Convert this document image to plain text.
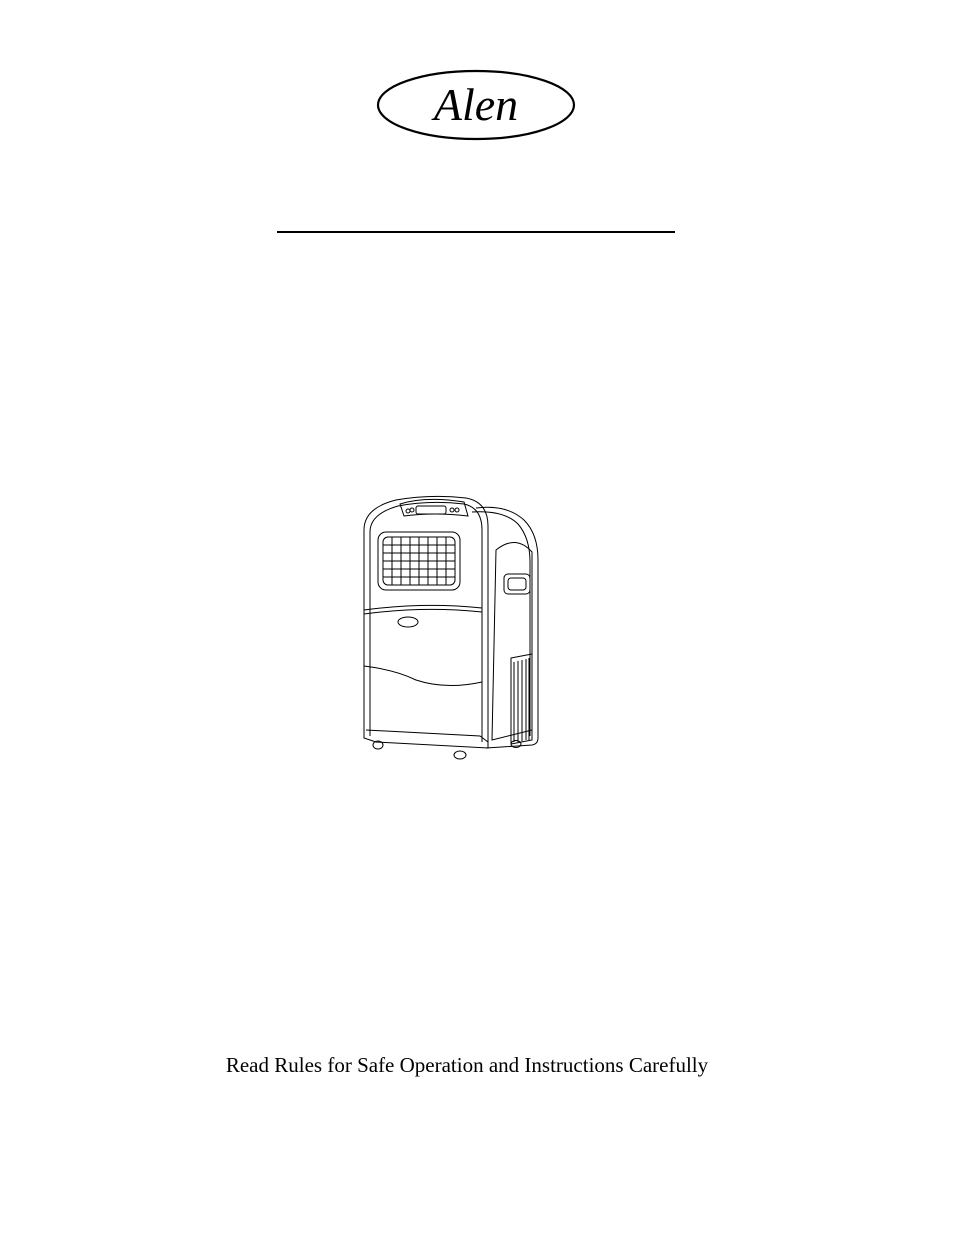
Alen

Read Rules for Safe Operation and Instructions Carefully
